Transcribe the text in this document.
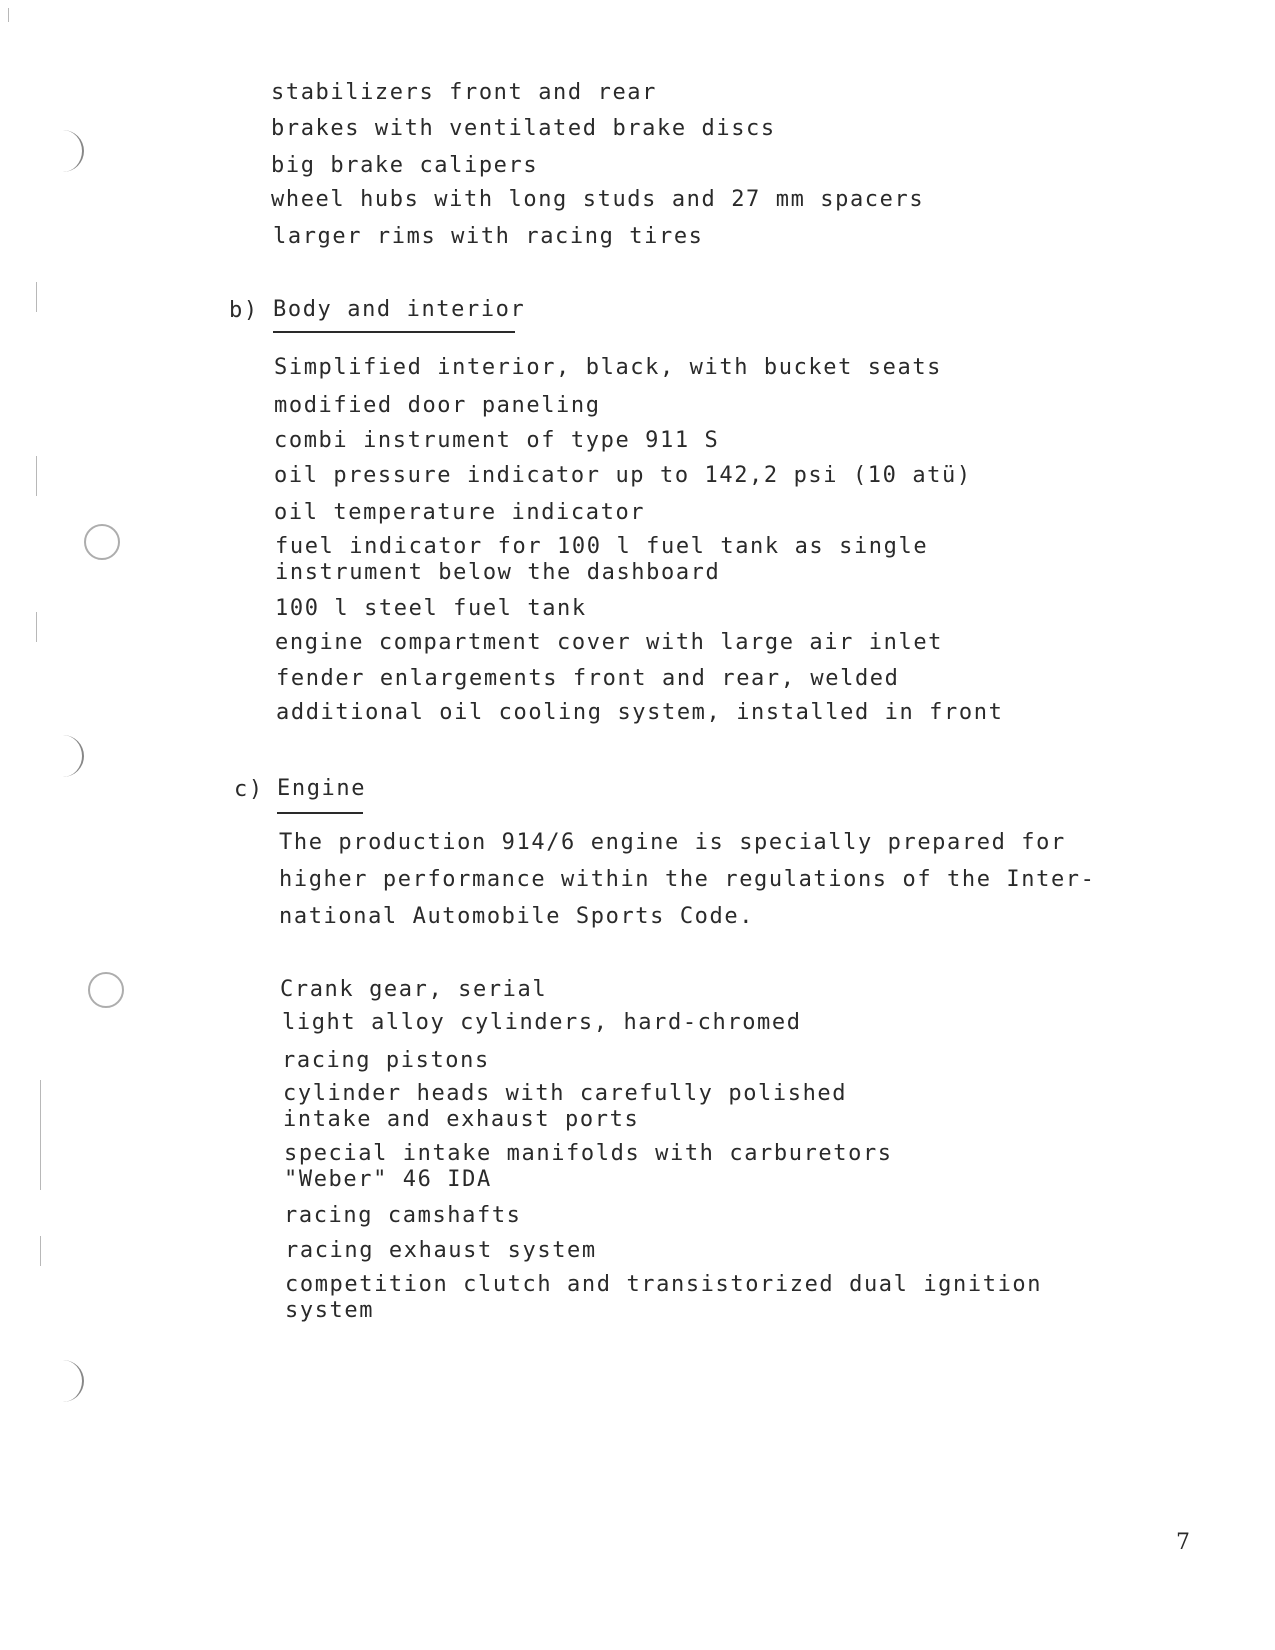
stabilizers front and rear
brakes with ventilated brake discs
big brake calipers
wheel hubs with long studs and 27 mm spacers
larger rims with racing tires
b) Body and interior
Simplified interior, black, with bucket seats
modified door paneling
combi instrument of type 911 S
oil pressure indicator up to 142,2 psi (10 atü)
oil temperature indicator
fuel indicator for 100 l fuel tank as single instrument below the dashboard
100 l steel fuel tank
engine compartment cover with large air inlet
fender enlargements front and rear, welded
additional oil cooling system, installed in front
c) Engine
The production 914/6 engine is specially prepared for
higher performance within the regulations of the Inter-
national Automobile Sports Code.
Crank gear, serial
light alloy cylinders, hard-chromed
racing pistons
cylinder heads with carefully polished intake and exhaust ports
special intake manifolds with carburetors "Weber" 46 IDA
racing camshafts
racing exhaust system
competition clutch and transistorized dual ignition system
7
